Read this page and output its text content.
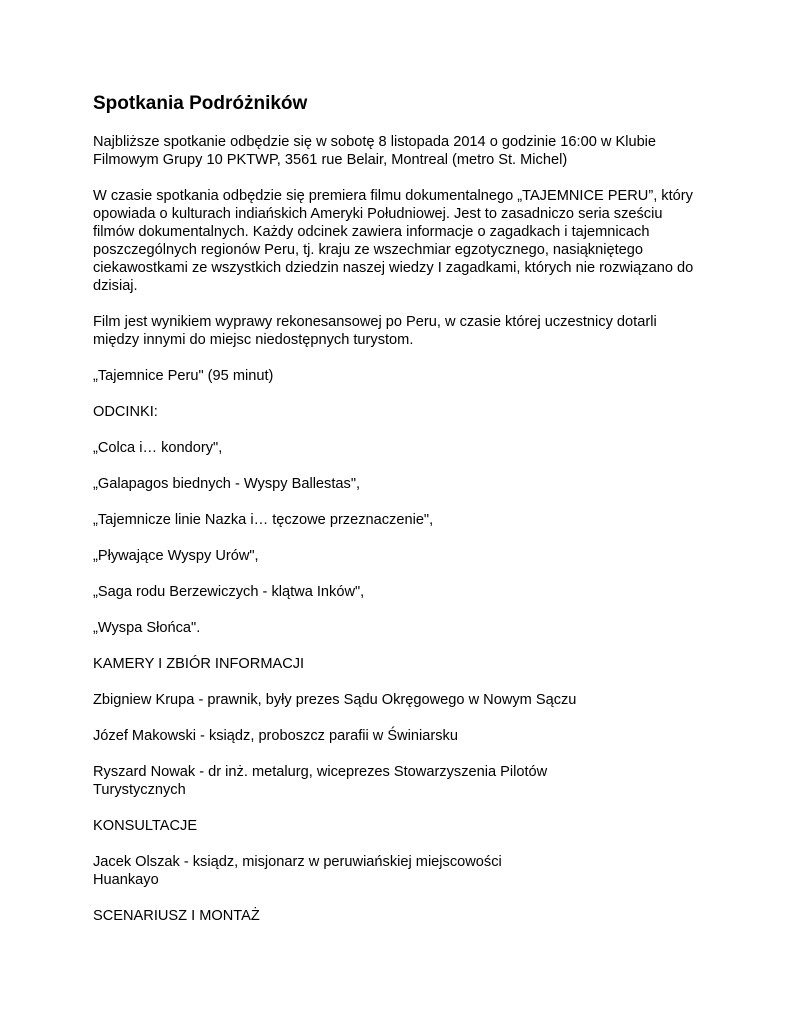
Spotkania Podróżników

Najbliższe spotkanie odbędzie się w sobotę 8 listopada 2014 o godzinie 16:00 w Klubie Filmowym Grupy 10 PKTWP, 3561 rue Belair, Montreal (metro St. Michel)

W czasie spotkania odbędzie się premiera filmu dokumentalnego „TAJEMNICE PERU”, który opowiada o kulturach indiańskich Ameryki Południowej. Jest to zasadniczo seria sześciu filmów dokumentalnych. Każdy odcinek zawiera informacje o zagadkach i tajemnicach poszczególnych regionów Peru, tj. kraju ze wszechmiar egzotycznego, nasiąkniętego ciekawostkami ze wszystkich dziedzin naszej wiedzy I zagadkami, których nie rozwiązano do dzisiaj.

Film jest wynikiem wyprawy rekonesansowej po Peru, w czasie której uczestnicy dotarli między innymi do miejsc niedostępnych turystom.

„Tajemnice Peru" (95 minut)

ODCINKI:

„Colca i… kondory",

„Galapagos biednych - Wyspy Ballestas",

„Tajemnicze linie Nazka i… tęczowe przeznaczenie",

„Pływające Wyspy Urów",

„Saga rodu Berzewiczych - klątwa Inków",

„Wyspa Słońca".

KAMERY I ZBIÓR INFORMACJI

Zbigniew Krupa - prawnik, były prezes Sądu Okręgowego w Nowym Sączu

Józef Makowski - ksiądz, proboszcz parafii w Świniarsku

Ryszard Nowak - dr inż. metalurg, wiceprezes Stowarzyszenia Pilotów Turystycznych

KONSULTACJE

Jacek Olszak - ksiądz, misjonarz w peruwiańskiej miejscowości Huankayo

SCENARIUSZ I MONTAŻ
